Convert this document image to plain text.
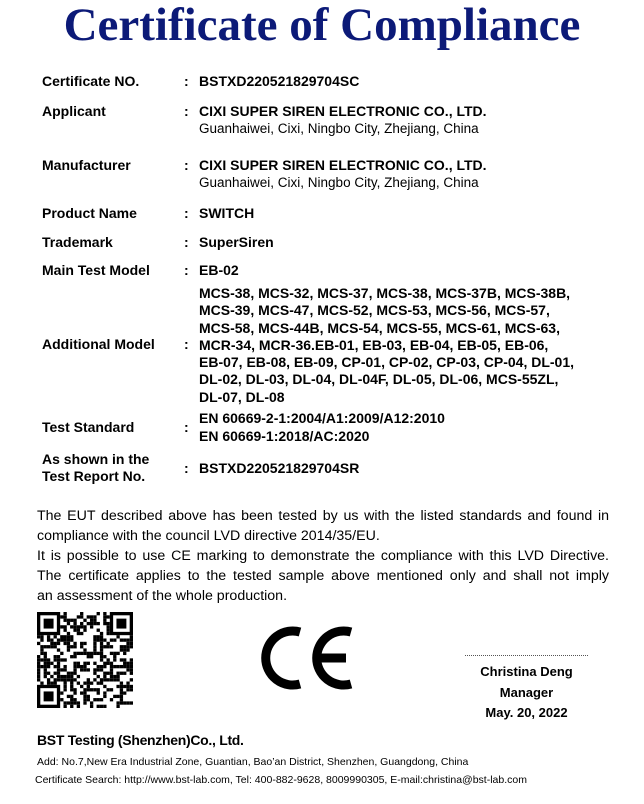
Certificate of Compliance
Certificate NO.	: BSTXD220521829704SC
Applicant	: CIXI SUPER SIREN ELECTRONIC CO., LTD.
Guanhaiwei, Cixi, Ningbo City, Zhejiang, China
Manufacturer	: CIXI SUPER SIREN ELECTRONIC CO., LTD.
Guanhaiwei, Cixi, Ningbo City, Zhejiang, China
Product Name	: SWITCH
Trademark	: SuperSiren
Main Test Model : EB-02
Additional Model :
MCS-38, MCS-32, MCS-37, MCS-38, MCS-37B, MCS-38B,
MCS-39, MCS-47, MCS-52, MCS-53, MCS-56, MCS-57,
MCS-58, MCS-44B, MCS-54, MCS-55, MCS-61, MCS-63,
MCR-34, MCR-36.EB-01, EB-03, EB-04, EB-05, EB-06,
EB-07, EB-08, EB-09, CP-01, CP-02, CP-03, CP-04, DL-01,
DL-02, DL-03, DL-04, DL-04F, DL-05, DL-06, MCS-55ZL,
DL-07, DL-08
Test Standard	:
EN 60669-2-1:2004/A1:2009/A12:2010
EN 60669-1:2018/AC:2020
As shown in the
Test Report No.	: BSTXD220521829704SR
The EUT described above has been tested by us with the listed standards and found in
compliance with the council LVD directive 2014/35/EU.
It is possible to use CE marking to demonstrate the compliance with this LVD Directive.
The certificate applies to the tested sample above mentioned only and shall not imply
an assessment of the whole production.
Christina Deng
Manager
May. 20, 2022
BST Testing (Shenzhen)Co., Ltd.
Add: No.7,New Era Industrial Zone, Guantian, Bao’an District, Shenzhen, Guangdong, China
Certificate Search: http://www.bst-lab.com, Tel: 400-882-9628, 8009990305, E-mail:christina@bst-lab.com
